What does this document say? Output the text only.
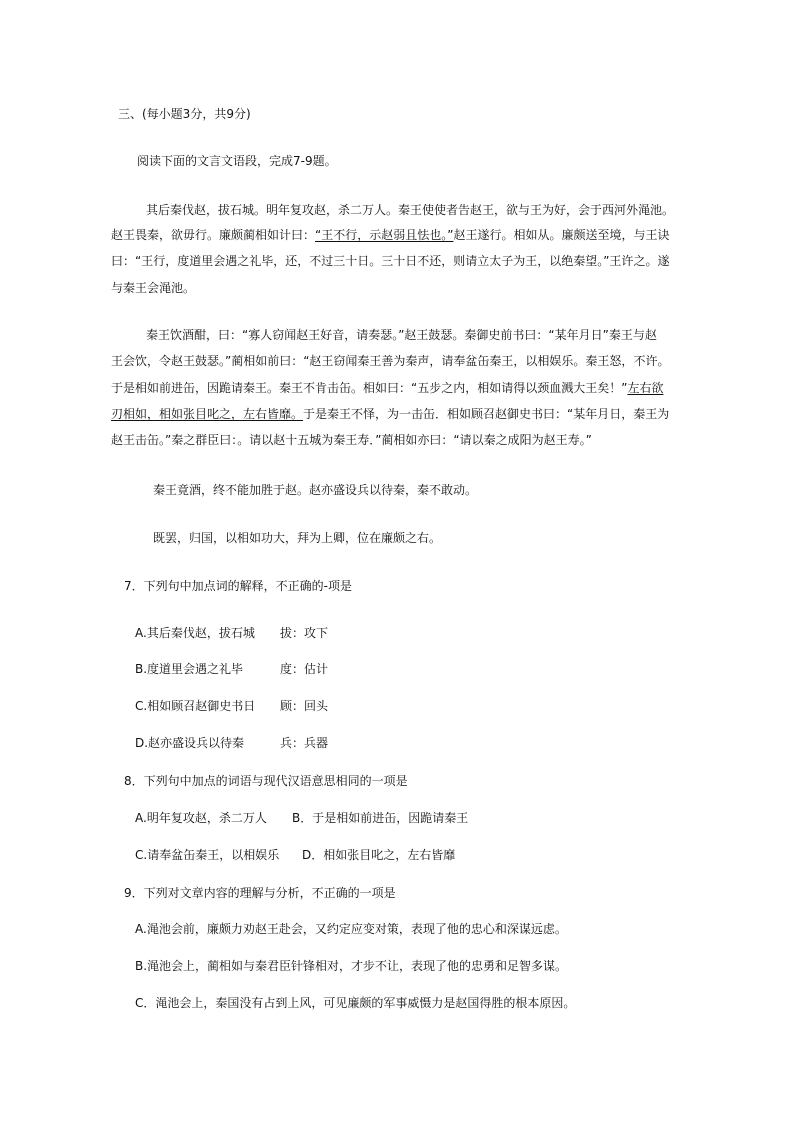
三、(每小题3分，共9分)
阅读下面的文言文语段，完成7-9题。
其后秦伐赵，拔石城。明年复攻赵，杀二万人。秦王使使者告赵王，欲与王为好，会于西河外渑池。
赵王畏秦，欲毋行。廉颇蔺相如计曰：“王不行，示赵弱且怯也。”赵王遂行。相如从。廉颇送至境，与王诀
曰：“王行，度道里会遇之礼毕，还，不过三十日。三十日不还，则请立太子为王，以绝秦望。”王许之。遂
与秦王会渑池。
秦王饮酒酣，曰：“寡人窃闻赵王好音，请奏瑟。”赵王鼓瑟。秦御史前书曰：“某年月日”秦王与赵
王会饮，令赵王鼓瑟。”蔺相如前曰：“赵王窃闻秦王善为秦声，请奉盆缶秦王，以相娱乐。秦王怒，不许。
于是相如前进缶，因跪请秦王。秦王不肯击缶。相如曰：“五步之内，相如请得以颈血溅大王矣！”左右欲
刃相如，相如张目叱之，左右皆靡。于是秦王不怿，为一击缶．相如顾召赵御史书曰：“某年月日，秦王为
赵王击缶。”秦之群臣曰：。请以赵十五城为秦王寿．”蔺相如亦曰：“请以秦之成阳为赵王寿。”
秦王竟酒，终不能加胜于赵。赵亦盛设兵以待秦，秦不敢动。
既罢，归国，以相如功大，拜为上卿，位在廉颇之右。
7．下列句中加点词的解释，不正确的-项是
A.其后秦伐赵，拔石城 拔：攻下
B.度道里会遇之礼毕	度：估计
C.相如顾召赵御史书日 顾：回头
D.赵亦盛设兵以待秦	兵：兵器
8．下列句中加点的词语与现代汉语意思相同的一项是
A.明年复攻赵，杀二万人 B．于是相如前进缶，因跪请秦王
C.请奉盆缶秦王，以相娱乐 D．相如张目叱之，左右皆靡
9．下列对文章内容的理解与分析，不正确的一项是
A.渑池会前，廉颇力劝赵王赴会，又约定应变对策，表现了他的忠心和深谋远虑。
B.渑池会上，蔺相如与秦君臣针锋相对，才步不让，表现了他的忠勇和足智多谋。
C．渑池会上，秦国没有占到上风，可见廉颇的军事威慑力是赵国得胜的根本原因。
